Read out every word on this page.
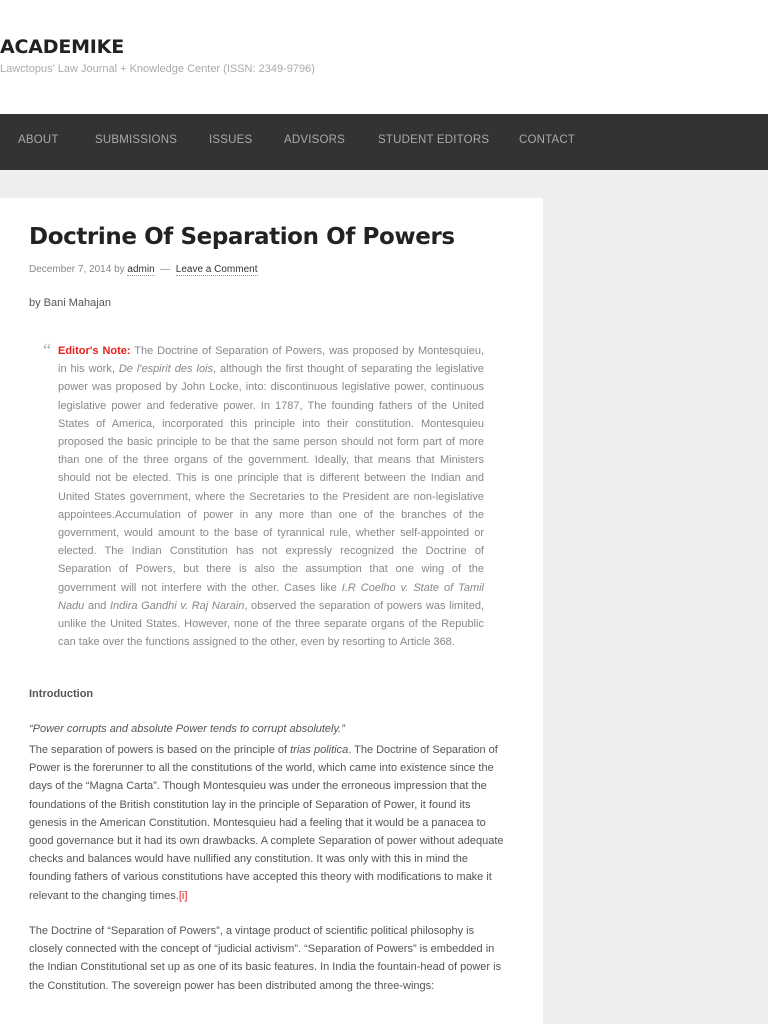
ACADEMIKE
Lawctopus' Law Journal + Knowledge Center (ISSN: 2349-9796)
ABOUT	SUBMISSIONS	ISSUES	ADVISORS	STUDENT EDITORS	CONTACT
Doctrine Of Separation Of Powers
December 7, 2014 by admin — Leave a Comment
by Bani Mahajan
“ Editor's Note: The Doctrine of Separation of Powers, was proposed by Montesquieu, in his work, De l'espirit des lois, although the first thought of separating the legislative power was proposed by John Locke, into: discontinuous legislative power, continuous legislative power and federative power. In 1787, The founding fathers of the United States of America, incorporated this principle into their constitution. Montesquieu proposed the basic principle to be that the same person should not form part of more than one of the three organs of the government. Ideally, that means that Ministers should not be elected. This is one principle that is different between the Indian and United States government, where the Secretaries to the President are non-legislative appointees.Accumulation of power in any more than one of the branches of the government, would amount to the base of tyrannical rule, whether self-appointed or elected. The Indian Constitution has not expressly recognized the Doctrine of Separation of Powers, but there is also the assumption that one wing of the government will not interfere with the other. Cases like I.R Coelho v. State of Tamil Nadu and Indira Gandhi v. Raj Narain, observed the separation of powers was limited, unlike the United States. However, none of the three separate organs of the Republic can take over the functions assigned to the other, even by resorting to Article 368.
Introduction
“Power corrupts and absolute Power tends to corrupt absolutely.”

The separation of powers is based on the principle of trias politica. The Doctrine of Separation of Power is the forerunner to all the constitutions of the world, which came into existence since the days of the “Magna Carta”. Though Montesquieu was under the erroneous impression that the foundations of the British constitution lay in the principle of Separation of Power, it found its genesis in the American Constitution. Montesquieu had a feeling that it would be a panacea to good governance but it had its own drawbacks. A complete Separation of power without adequate checks and balances would have nullified any constitution. It was only with this in mind the founding fathers of various constitutions have accepted this theory with modifications to make it relevant to the changing times.[i]

The Doctrine of “Separation of Powers”, a vintage product of scientific political philosophy is closely connected with the concept of “judicial activism”. “Separation of Powers” is embedded in the Indian Constitutional set up as one of its basic features. In India the fountain-head of power is the Constitution. The sovereign power has been distributed among the three-wings:
